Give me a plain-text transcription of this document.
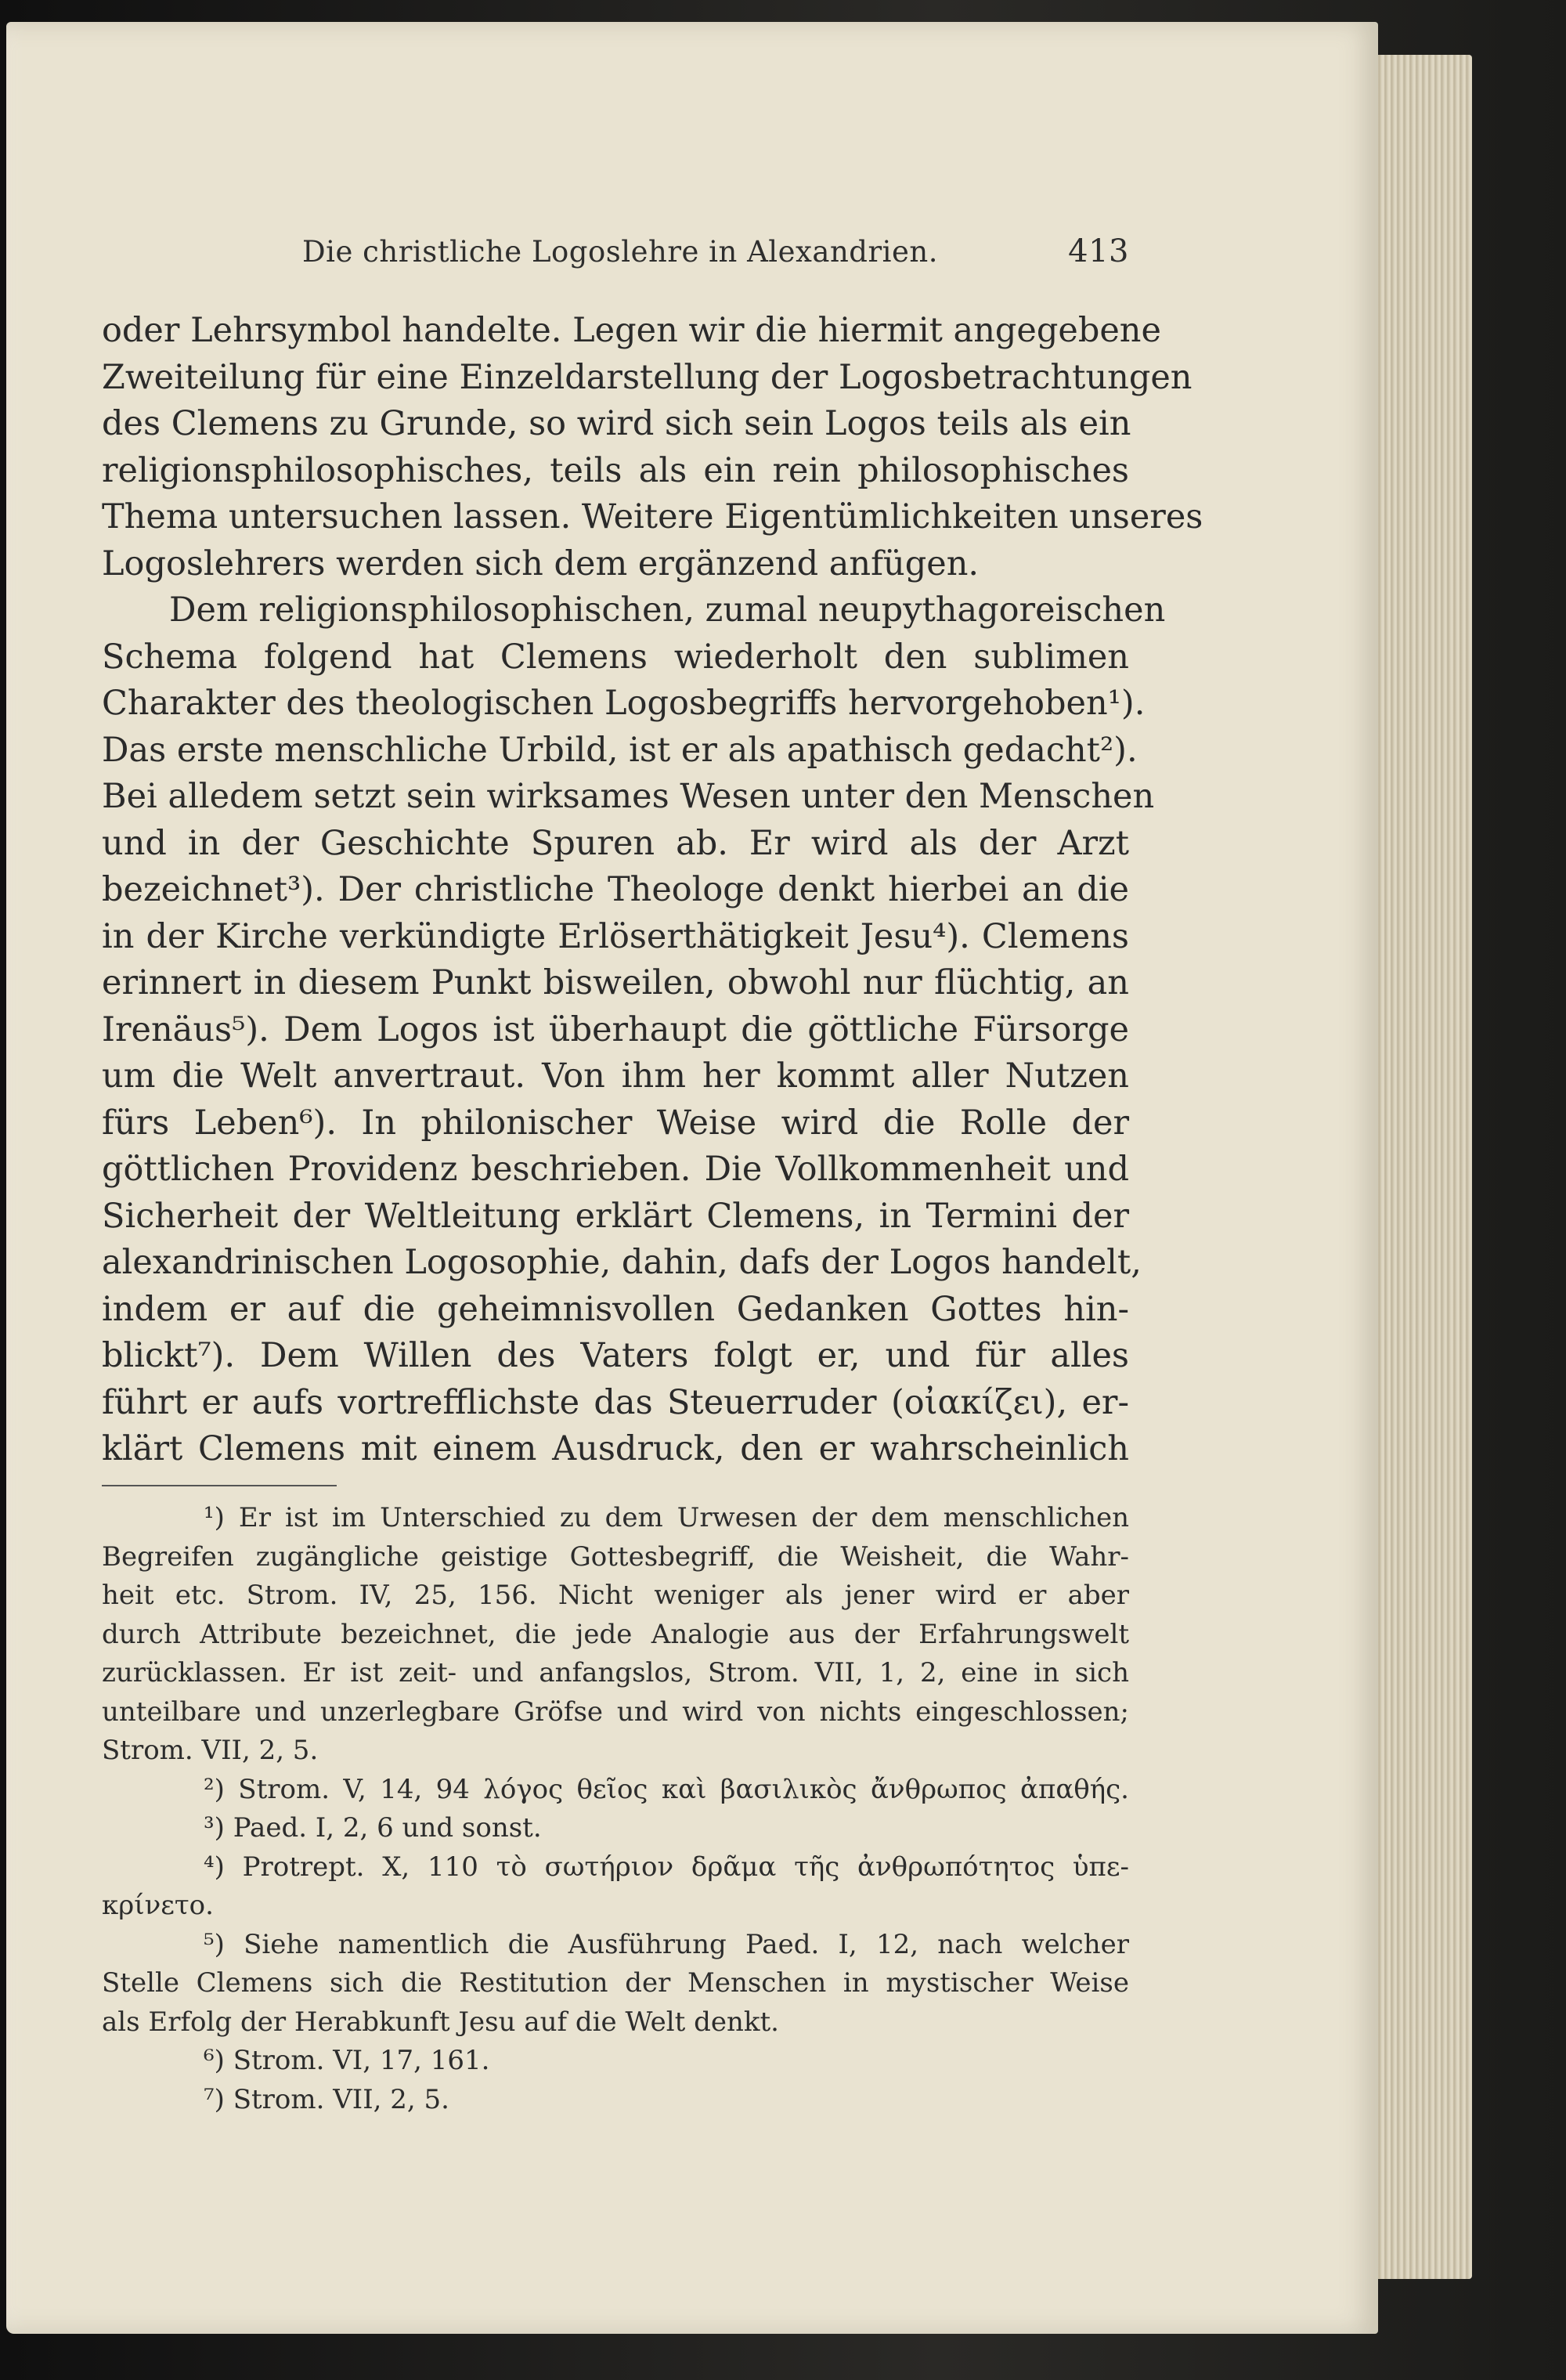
Die christliche Logoslehre in Alexandrien.	413
oder Lehrsymbol handelte. Legen wir die hiermit angegebene
Zweiteilung für eine Einzeldarstellung der Logosbetrachtungen
des Clemens zu Grunde, so wird sich sein Logos teils als ein
religionsphilosophisches, teils als ein rein philosophisches
Thema untersuchen lassen. Weitere Eigentümlichkeiten unseres
Logoslehrers werden sich dem ergänzend anfügen.
Dem religionsphilosophischen, zumal neupythagoreischen
Schema folgend hat Clemens wiederholt den sublimen
Charakter des theologischen Logosbegriffs hervorgehoben¹).
Das erste menschliche Urbild, ist er als apathisch gedacht²).
Bei alledem setzt sein wirksames Wesen unter den Menschen
und in der Geschichte Spuren ab. Er wird als der Arzt
bezeichnet³). Der christliche Theologe denkt hierbei an die
in der Kirche verkündigte Erlöserthätigkeit Jesu⁴). Clemens
erinnert in diesem Punkt bisweilen, obwohl nur flüchtig, an
Irenäus⁵). Dem Logos ist überhaupt die göttliche Fürsorge
um die Welt anvertraut. Von ihm her kommt aller Nutzen
fürs Leben⁶). In philonischer Weise wird die Rolle der
göttlichen Providenz beschrieben. Die Vollkommenheit und
Sicherheit der Weltleitung erklärt Clemens, in Termini der
alexandrinischen Logosophie, dahin, dafs der Logos handelt,
indem er auf die geheimnisvollen Gedanken Gottes hin-
blickt⁷). Dem Willen des Vaters folgt er, und für alles
führt er aufs vortrefflichste das Steuerruder (οἰακίζει), er-
klärt Clemens mit einem Ausdruck, den er wahrscheinlich
¹) Er ist im Unterschied zu dem Urwesen der dem menschlichen
Begreifen zugängliche geistige Gottesbegriff, die Weisheit, die Wahr-
heit etc. Strom. IV, 25, 156. Nicht weniger als jener wird er aber
durch Attribute bezeichnet, die jede Analogie aus der Erfahrungswelt
zurücklassen. Er ist zeit- und anfangslos, Strom. VII, 1, 2, eine in sich
unteilbare und unzerlegbare Gröfse und wird von nichts eingeschlossen;
Strom. VII, 2, 5.
²) Strom. V, 14, 94 λόγος θεῖος καὶ βασιλικὸς ἄνθρωπος ἀπαθής.
³) Paed. I, 2, 6 und sonst.
⁴) Protrept. X, 110 τὸ σωτήριον δρᾶμα τῆς ἀνθρωπότητος ὑπε-
κρίνετο.
⁵) Siehe namentlich die Ausführung Paed. I, 12, nach welcher
Stelle Clemens sich die Restitution der Menschen in mystischer Weise
als Erfolg der Herabkunft Jesu auf die Welt denkt.
⁶) Strom. VI, 17, 161.
⁷) Strom. VII, 2, 5.
